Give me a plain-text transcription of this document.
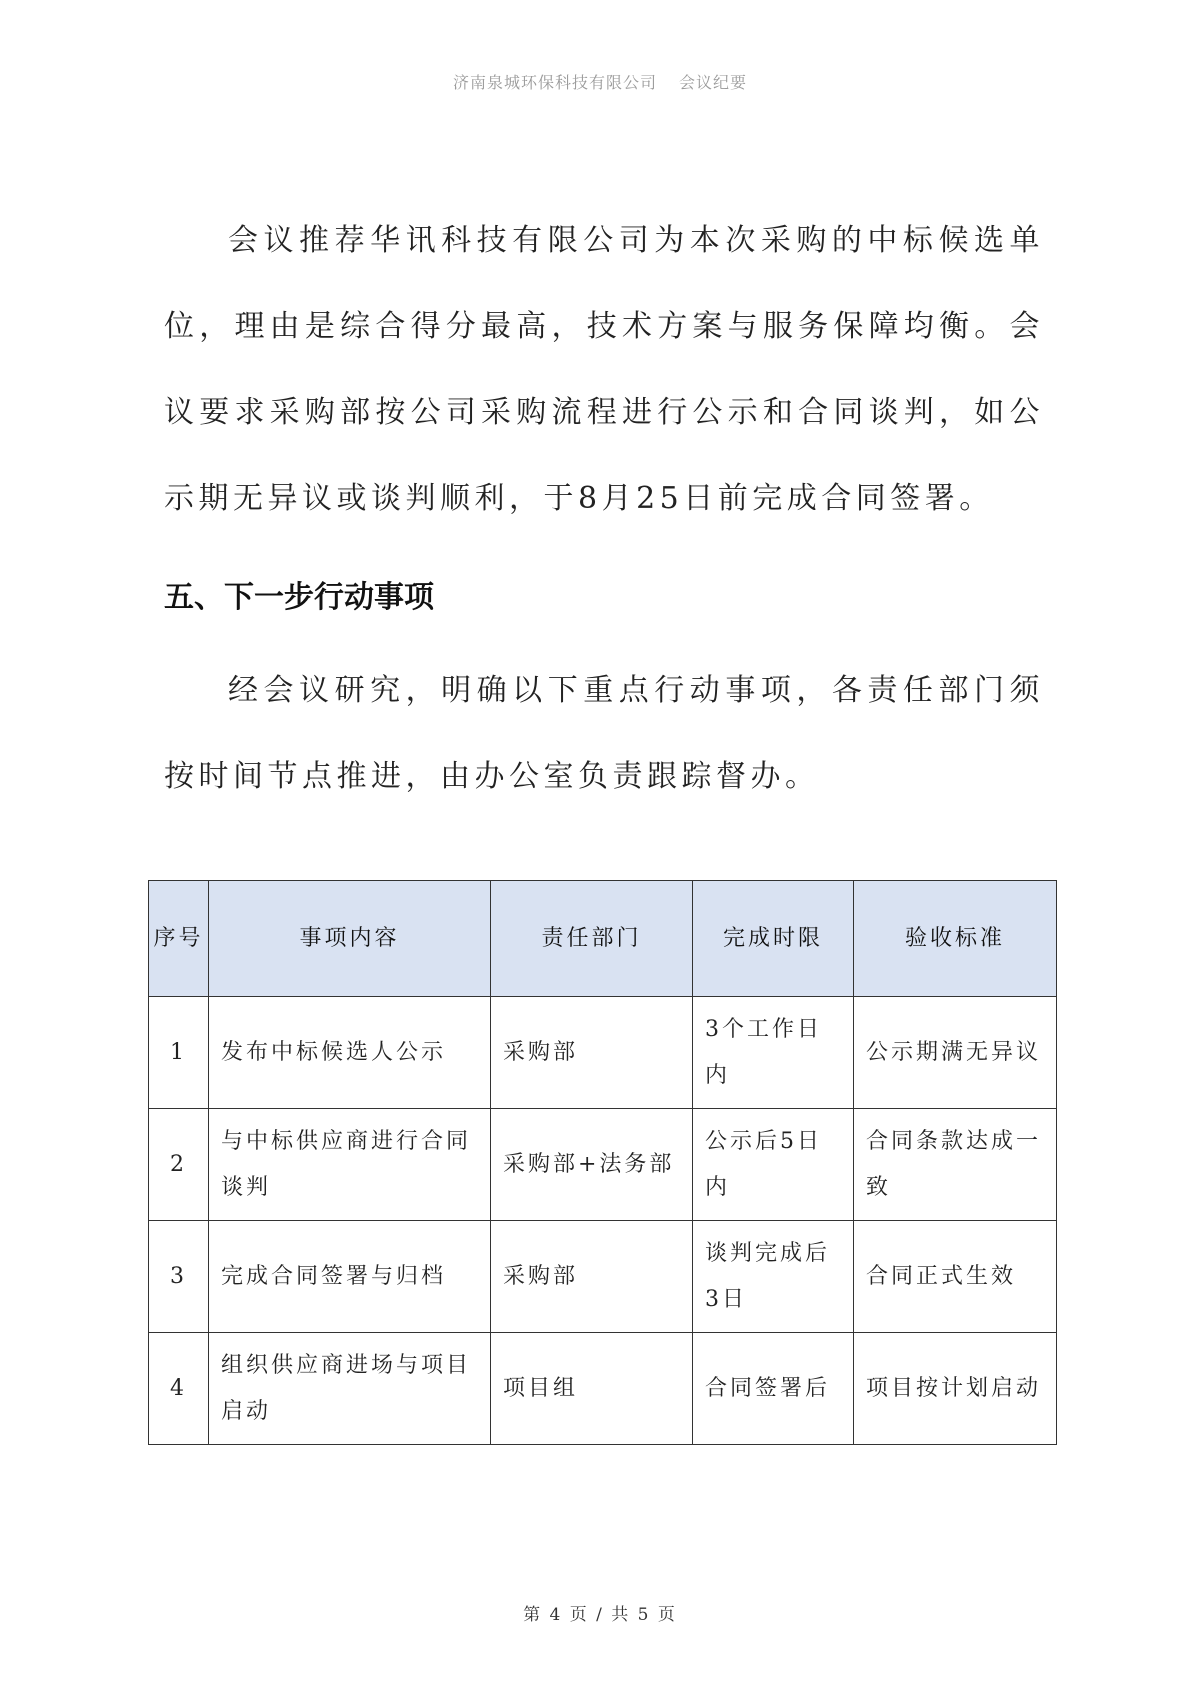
济南泉城环保科技有限公司 会议纪要

会议推荐华讯科技有限公司为本次采购的中标候选单位，理由是综合得分最高，技术方案与服务保障均衡。会议要求采购部按公司采购流程进行公示和合同谈判，如公示期无异议或谈判顺利，于8月25日前完成合同签署。

五、下一步行动事项

经会议研究，明确以下重点行动事项，各责任部门须按时间节点推进，由办公室负责跟踪督办。

序号	事项内容	责任部门	完成时限	验收标准
1	发布中标候选人公示	采购部	3个工作日内	公示期满无异议
2	与中标供应商进行合同谈判	采购部+法务部	公示后5日内	合同条款达成一致
3	完成合同签署与归档	采购部	谈判完成后3日	合同正式生效
4	组织供应商进场与项目启动	项目组	合同签署后	项目按计划启动
第 4 页 / 共 5 页
